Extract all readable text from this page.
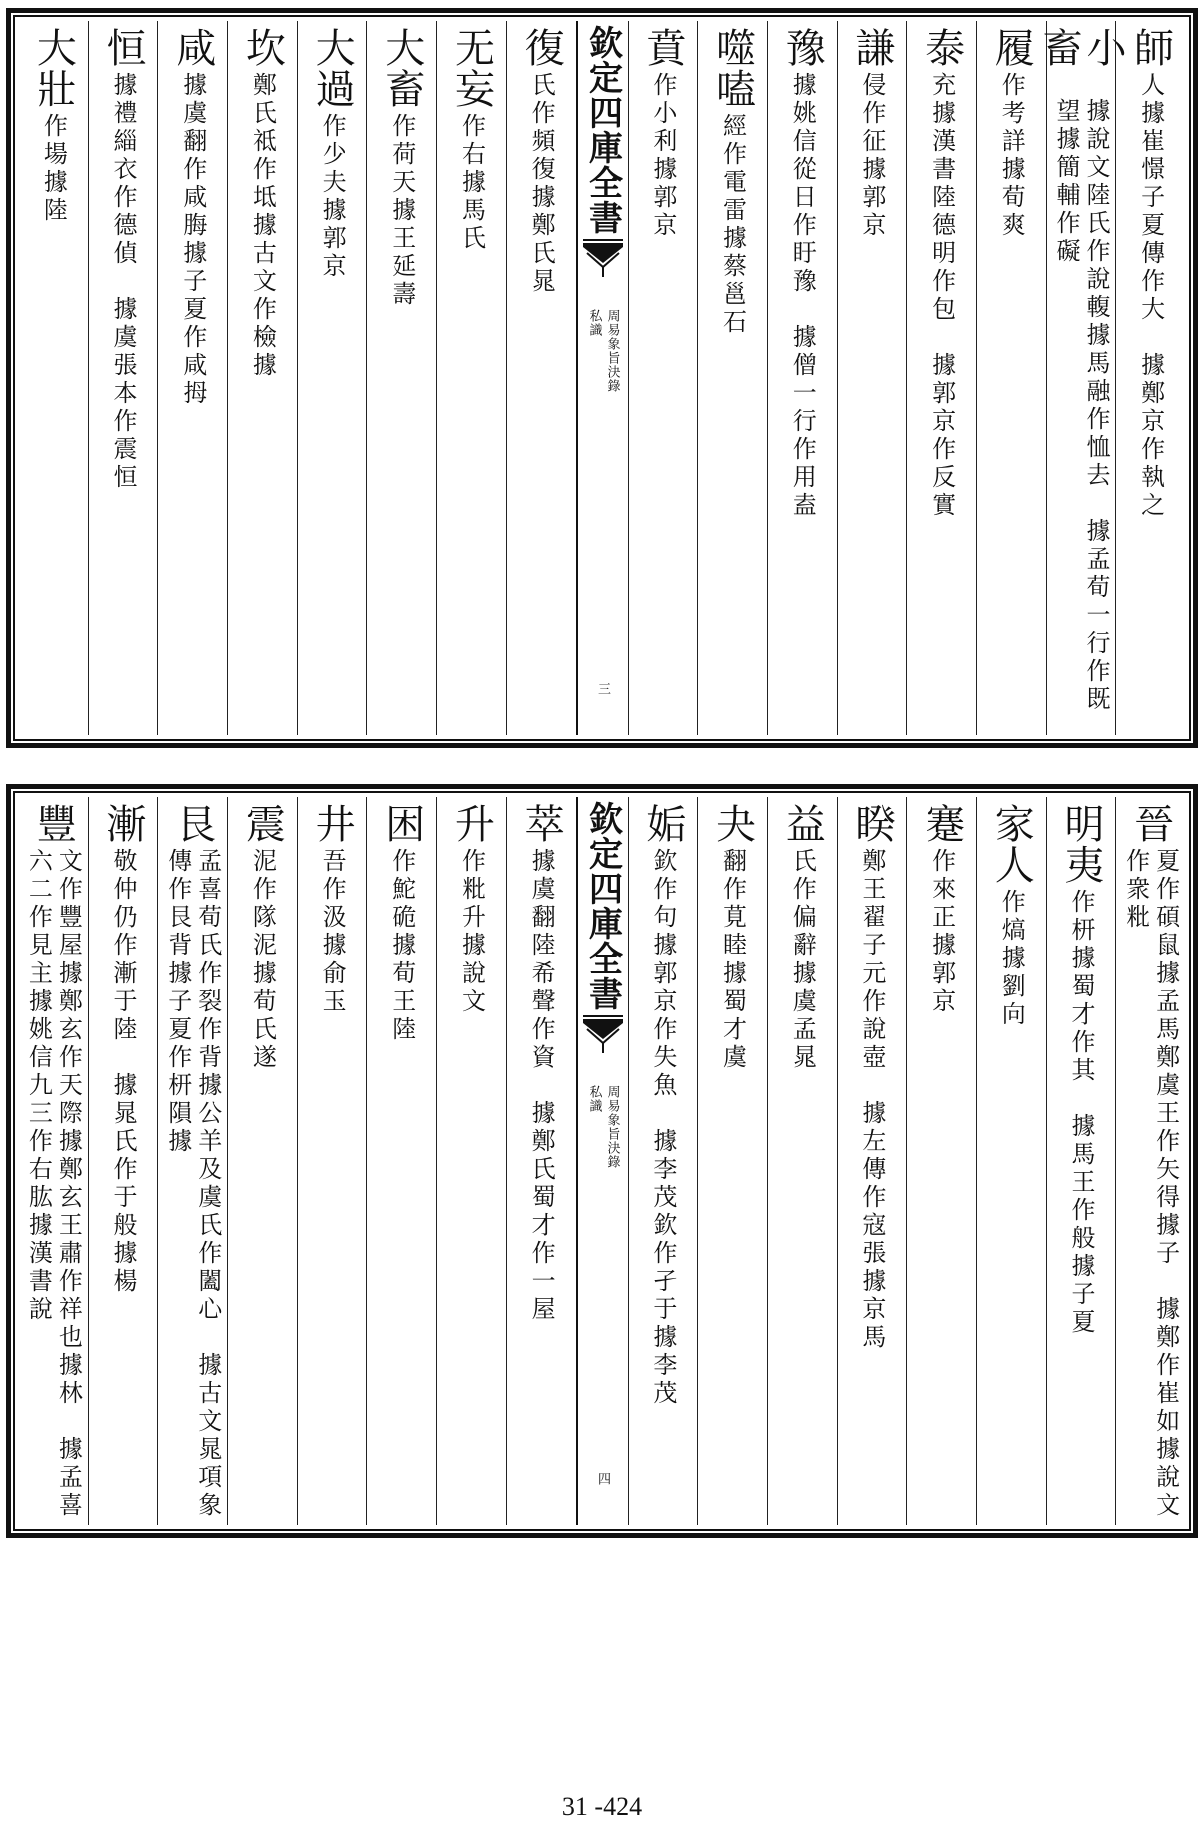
師
人據崔憬子夏傳作大　據鄭京作執之
小畜
據說文陸氏作說輹據馬融作恤去　據孟荀一行作既望據簡輔作礙
履
作考詳據荀爽
泰
充據漢書陸德明作包　據郭京作反實
謙
侵作征據郭京
豫
據姚信從日作盱豫　據僧一行作用盍
噬嗑
經作電雷據蔡邕石
賁
作小利據郭京
欽定四庫全書
周易象旨決錄
私識
三
復
氏作頻復據鄭氏晁
无妄
作右據馬氏
大畜
作荷天據王延壽
大過
作少夫據郭京
坎
鄭氏祗作坻據古文作檢據
咸
據虞翻作咸脢據子夏作咸拇
恒
據禮緇衣作德偵　據虞張本作震恒
大壯
作場據陸
晉
夏作碩鼠據孟馬鄭虞王作矢得據子　據鄭作崔如據說文作衆粃
明夷
作枅據蜀才作其　據馬王作般據子夏
家人
作熇據劉向
蹇
作來正據郭京
睽
鄭王翟子元作說壺　據左傳作寇張據京馬
益
氏作偏辭據虞孟晁
夬
翻作莧睦據蜀才虞
姤
欽作句據郭京作失魚　據李茂欽作孑于據李茂
欽定四庫全書
周易象旨決錄
私識
四
萃
據虞翻陸希聲作資　據鄭氏蜀才作一屋
升
作粃升據說文
困
作鮀硊據荀王陸
井
吾作汲據俞玉
震
泥作隊泥據荀氏遂
艮
孟喜荀氏作裂作背據公羊及虞氏作闔心　據古文晁項象傳作艮背據子夏作枅隕據
漸
敬仲仍作漸于陸　據晁氏作于般據楊
豐
文作豐屋據鄭玄作天際據鄭玄王肅作祥也據林　據孟喜六二作見主據姚信九三作右肱據漢書說
31 -424
